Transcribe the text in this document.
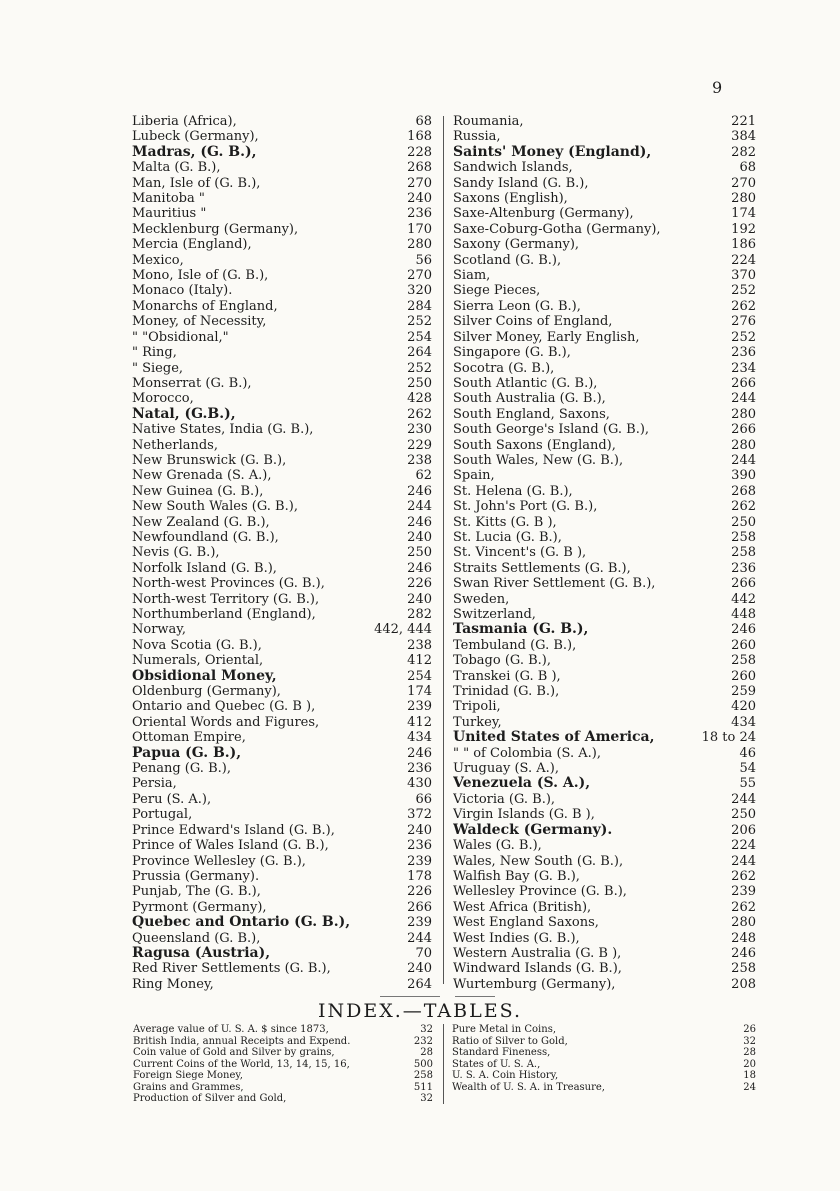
9
Liberia (Africa),	68
Lubeck (Germany),	168
Madras, (G. B.),	228
Malta (G. B.),	268
Man, Isle of (G. B.),	270
Manitoba "	240
Mauritius "	236
Mecklenburg (Germany),	170
Mercia (England),	280
Mexico,	56
Mono, Isle of (G. B.),	270
Monaco (Italy).	320
Monarchs of England,	284
Money, of Necessity,	252
" "Obsidional,"	254
" Ring,	264
" Siege,	252
Monserrat (G. B.),	250
Morocco,	428
Natal, (G.B.),	262
Native States, India (G. B.),	230
Netherlands,	229
New Brunswick (G. B.),	238
New Grenada (S. A.),	62
New Guinea (G. B.),	246
New South Wales (G. B.),	244
New Zealand (G. B.),	246
Newfoundland (G. B.),	240
Nevis (G. B.),	250
Norfolk Island (G. B.),	246
North-west Provinces (G. B.),	226
North-west Territory (G. B.),	240
Northumberland (England),	282
Norway,	442, 444
Nova Scotia (G. B.),	238
Numerals, Oriental,	412
Obsidional Money,	254
Oldenburg (Germany),	174
Ontario and Quebec (G. B ),	239
Oriental Words and Figures,	412
Ottoman Empire,	434
Papua (G. B.),	246
Penang (G. B.),	236
Persia,	430
Peru (S. A.),	66
Portugal,	372
Prince Edward's Island (G. B.),	240
Prince of Wales Island (G. B.),	236
Province Wellesley (G. B.),	239
Prussia (Germany).	178
Punjab, The (G. B.),	226
Pyrmont (Germany),	266
Quebec and Ontario (G. B.),	239
Queensland (G. B.),	244
Ragusa (Austria),	70
Red River Settlements (G. B.),	240
Ring Money,	264
Roumania,	221
Russia,	384
Saints' Money (England),	282
Sandwich Islands,	68
Sandy Island (G. B.),	270
Saxons (English),	280
Saxe-Altenburg (Germany),	174
Saxe-Coburg-Gotha (Germany),	192
Saxony (Germany),	186
Scotland (G. B.),	224
Siam,	370
Siege Pieces,	252
Sierra Leon (G. B.),	262
Silver Coins of England,	276
Silver Money, Early English,	252
Singapore (G. B.),	236
Socotra (G. B.),	234
South Atlantic (G. B.),	266
South Australia (G. B.),	244
South England, Saxons,	280
South George's Island (G. B.),	266
South Saxons (England),	280
South Wales, New (G. B.),	244
Spain,	390
St. Helena (G. B.),	268
St. John's Port (G. B.),	262
St. Kitts (G. B ),	250
St. Lucia (G. B.),	258
St. Vincent's (G. B ),	258
Straits Settlements (G. B.),	236
Swan River Settlement (G. B.),	266
Sweden,	442
Switzerland,	448
Tasmania (G. B.),	246
Tembuland (G. B.),	260
Tobago (G. B.),	258
Transkei (G. B ),	260
Trinidad (G. B.),	259
Tripoli,	420
Turkey,	434
United States of America,	18 to 24
" " of Colombia (S. A.),	46
Uruguay (S. A.),	54
Venezuela (S. A.),	55
Victoria (G. B.),	244
Virgin Islands (G. B ),	250
Waldeck (Germany).	206
Wales (G. B.),	224
Wales, New South (G. B.),	244
Walfish Bay (G. B.),	262
Wellesley Province (G. B.),	239
West Africa (British),	262
West England Saxons,	280
West Indies (G. B.),	248
Western Australia (G. B ),	246
Windward Islands (G. B.),	258
Wurtemburg (Germany),	208
INDEX.—TABLES.
Average value of U. S. A. $ since 1873,	32
British India, annual Receipts and Expend.	232
Coin value of Gold and Silver by grains,	28
Current Coins of the World, 13, 14, 15, 16,	500
Foreign Siege Money,	258
Grains and Grammes,	511
Production of Silver and Gold,	32
Pure Metal in Coins,	26
Ratio of Silver to Gold,	32
Standard Fineness,	28
States of U. S. A.,	20
U. S. A. Coin History,	18
Wealth of U. S. A. in Treasure,	24
